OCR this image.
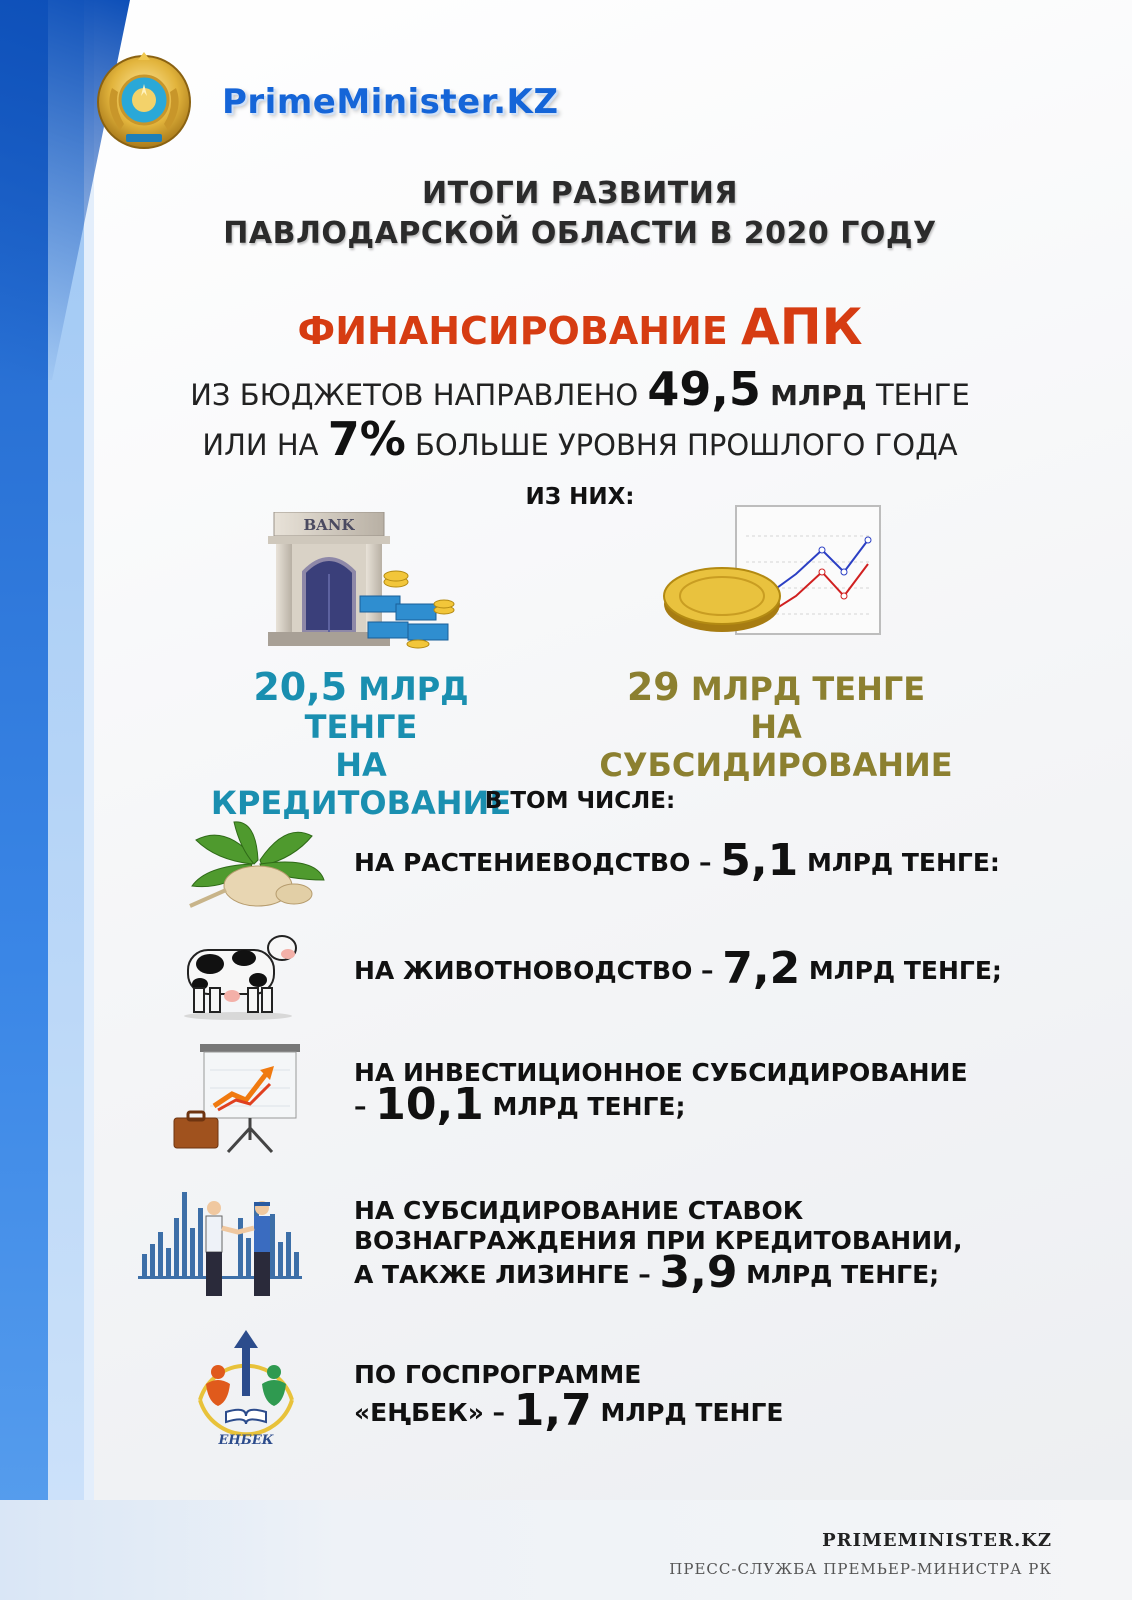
PrimeMinister.KZ
ИТОГИ РАЗВИТИЯ
ПАВЛОДАРСКОЙ ОБЛАСТИ В 2020 ГОДУ
ФИНАНСИРОВАНИЕ АПК
ИЗ БЮДЖЕТОВ НАПРАВЛЕНО 49,5 МЛРД ТЕНГЕ
ИЛИ НА 7% БОЛЬШЕ УРОВНЯ ПРОШЛОГО ГОДА
ИЗ НИХ:
BANK
20,5 МЛРД ТЕНГЕ
НА КРЕДИТОВАНИЕ
29 МЛРД ТЕНГЕ
НА СУБСИДИРОВАНИЕ
В ТОМ ЧИСЛЕ:
НА РАСТЕНИЕВОДСТВО – 5,1 МЛРД ТЕНГЕ:
НА ЖИВОТНОВОДСТВО – 7,2 МЛРД ТЕНГЕ;
НА ИНВЕСТИЦИОННОЕ СУБСИДИРОВАНИЕ
– 10,1 МЛРД ТЕНГЕ;
НА СУБСИДИРОВАНИЕ СТАВОК
ВОЗНАГРАЖДЕНИЯ ПРИ КРЕДИТОВАНИИ,
А ТАКЖЕ ЛИЗИНГЕ – 3,9 МЛРД ТЕНГЕ;
ЕҢБЕК
ПО ГОСПРОГРАММЕ
«ЕҢБЕК» – 1,7 МЛРД ТЕНГЕ
PRIMEMINISTER.KZ
ПРЕСС-СЛУЖБА ПРЕМЬЕР-МИНИСТРА РК
